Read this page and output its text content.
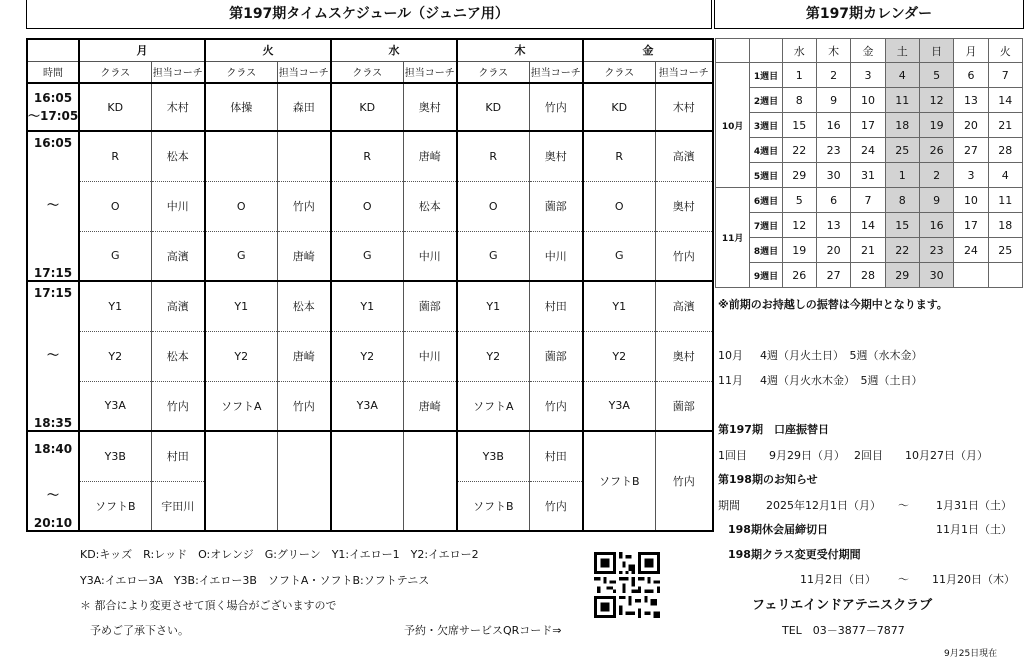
第197期タイムスケジュール（ジュニア用）
	月		火		水		木		金	
時間	クラス	担当コーチ	クラス	担当コーチ	クラス	担当コーチ	クラス	担当コーチ	クラス	担当コーチ

16:05
〜17:05	KD	木村	体操	森田	KD	奥村	KD	竹内	KD	木村

16:05
〜
17:15	R	松本			R	唐崎	R	奥村	R	高濱
	O	中川	O	竹内	O	松本	O	薗部	O	奥村
	G	高濱	G	唐崎	G	中川	G	中川	G	竹内

17:15
〜
18:35	Y1	高濱	Y1	松本	Y1	薗部	Y1	村田	Y1	高濱
	Y2	松本	Y2	唐崎	Y2	中川	Y2	薗部	Y2	奥村
	Y3A	竹内	ソフトA	竹内	Y3A	唐崎	ソフトA	竹内	Y3A	薗部

18:40
〜
20:10	Y3B	村田					Y3B	村田	ソフトB	竹内
	ソフトB	宇田川					ソフトB	竹内		
KD:キッズ　R:レッド　O:オレンジ　G:グリーン　Y1:イエロー1　Y2:イエロー2
Y3A:イエロー3A　Y3B:イエロー3B　ソフトA・ソフトB:ソフトテニス
＊ 都合により変更させて頂く場合がございますので
予めご了承下さい。	予約・欠席サービスQRコード⇒
第197期カレンダー
		水	木	金	土	日	月	火
10月	1週目	1	2	3	4	5	6	7
	2週目	8	9	10	11	12	13	14
	3週目	15	16	17	18	19	20	21
	4週目	22	23	24	25	26	27	28
	5週目	29	30	31	1	2	3	4
11月	6週目	5	6	7	8	9	10	11
	7週目	12	13	14	15	16	17	18
	8週目	19	20	21	22	23	24	25
	9週目	26	27	28	29	30		
※前期のお持越しの振替は今期中となります。
10月 4週（月火土日）　5週（水木金）
11月 4週（月火水木金）　5週（土日）
第197期　口座振替日
1回目　　9月29日（月） 2回目　　10月27日（月）
第198期のお知らせ
期間 2025年12月1日（月） 〜 1月31日（土）
198期休会届締切日	11月1日（土）
198期クラス変更受付期間
11月2日（日） 〜 11月20日（木）
フェリエインドアテニスクラブ
TEL　03－3877－7877
9月25日現在
